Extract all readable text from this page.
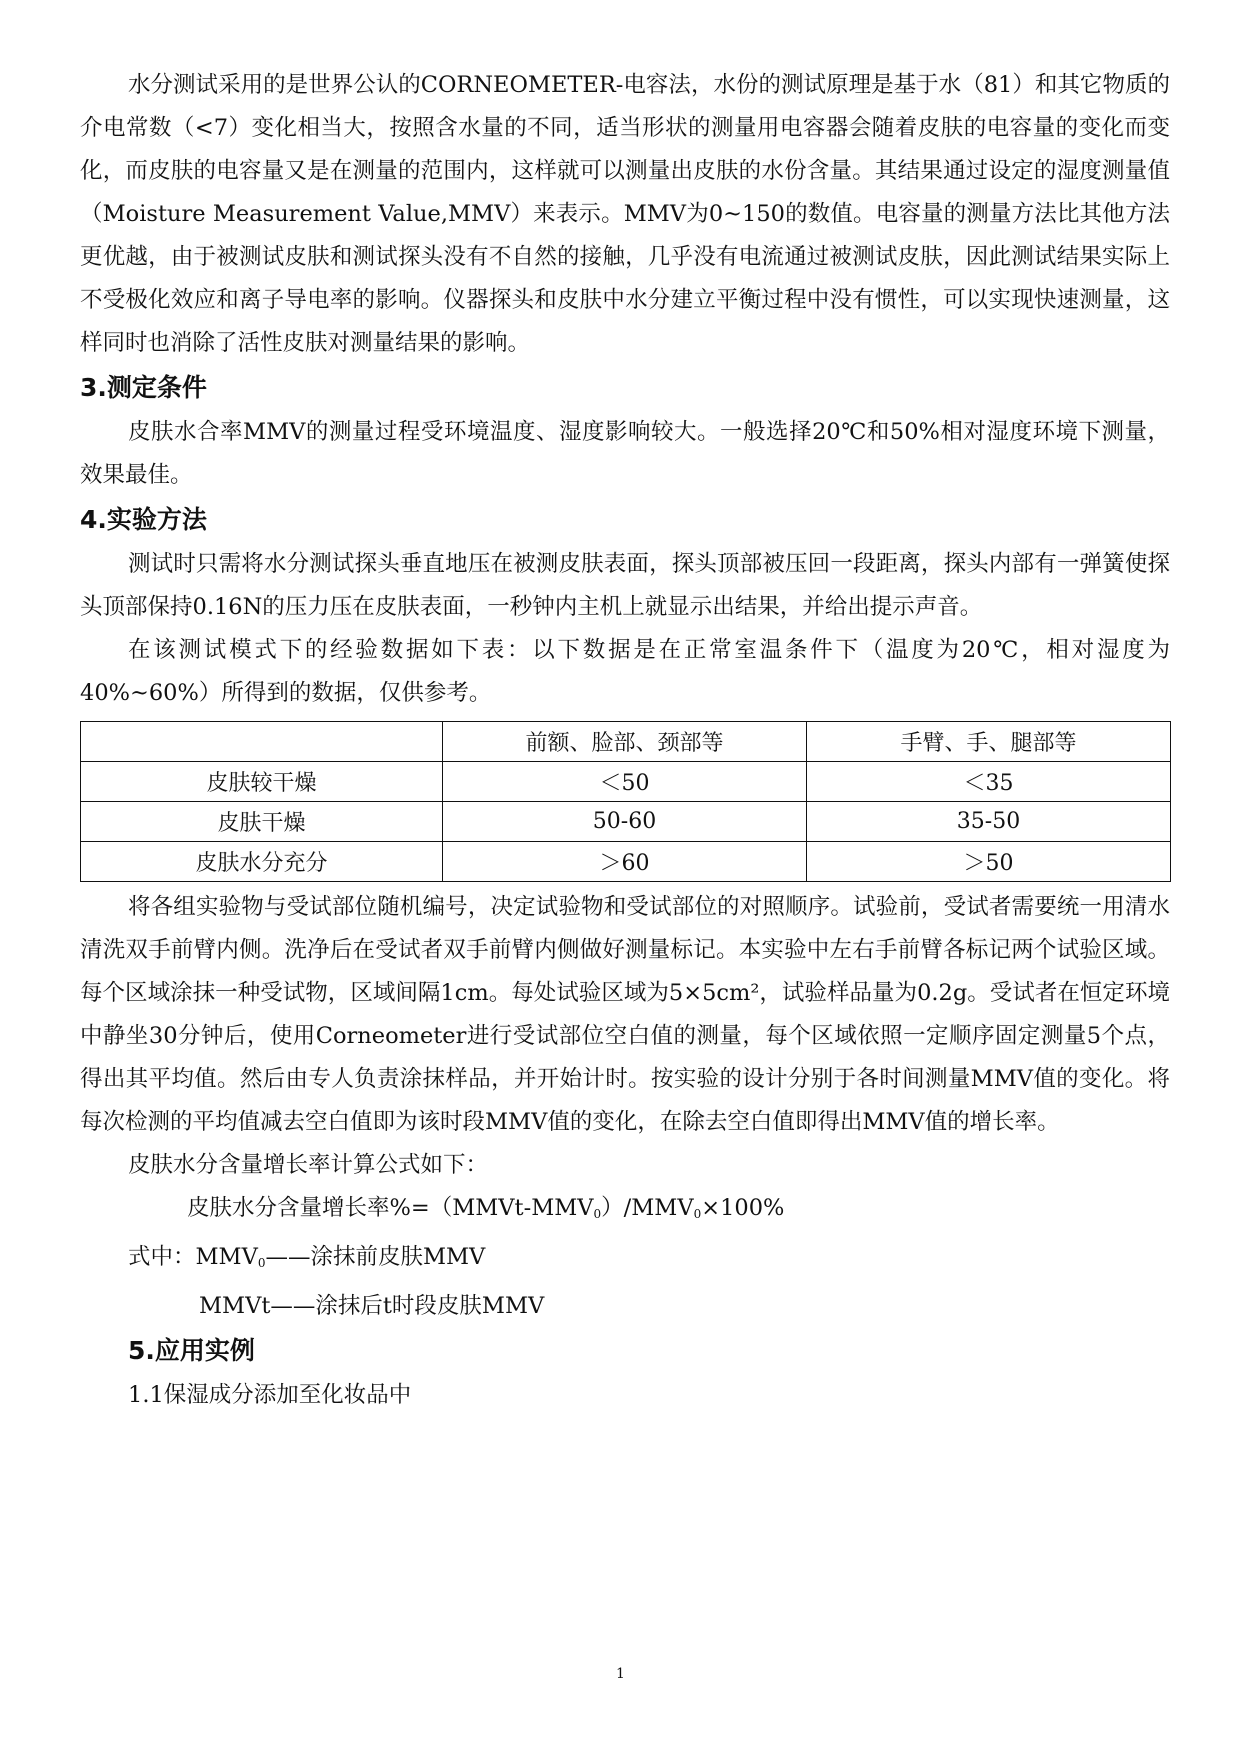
水分测试采用的是世界公认的CORNEOMETER-电容法，水份的测试原理是基于水（81）和其它物质的介电常数（<7）变化相当大，按照含水量的不同，适当形状的测量用电容器会随着皮肤的电容量的变化而变化，而皮肤的电容量又是在测量的范围内，这样就可以测量出皮肤的水份含量。其结果通过设定的湿度测量值（Moisture Measurement Value,MMV）来表示。MMV为0~150的数值。电容量的测量方法比其他方法更优越，由于被测试皮肤和测试探头没有不自然的接触，几乎没有电流通过被测试皮肤，因此测试结果实际上不受极化效应和离子导电率的影响。仪器探头和皮肤中水分建立平衡过程中没有惯性，可以实现快速测量，这样同时也消除了活性皮肤对测量结果的影响。

3.测定条件

皮肤水合率MMV的测量过程受环境温度、湿度影响较大。一般选择20℃和50%相对湿度环境下测量，效果最佳。

4.实验方法

测试时只需将水分测试探头垂直地压在被测皮肤表面，探头顶部被压回一段距离，探头内部有一弹簧使探头顶部保持0.16N的压力压在皮肤表面，一秒钟内主机上就显示出结果，并给出提示声音。

在该测试模式下的经验数据如下表：以下数据是在正常室温条件下（温度为20℃，相对湿度为40%~60%）所得到的数据，仅供参考。

	前额、脸部、颈部等	手臂、手、腿部等
皮肤较干燥	＜50	＜35
皮肤干燥	50-60	35-50
皮肤水分充分	＞60	＞50

将各组实验物与受试部位随机编号，决定试验物和受试部位的对照顺序。试验前，受试者需要统一用清水清洗双手前臂内侧。洗净后在受试者双手前臂内侧做好测量标记。本实验中左右手前臂各标记两个试验区域。每个区域涂抹一种受试物，区域间隔1cm。每处试验区域为5×5cm²，试验样品量为0.2g。受试者在恒定环境中静坐30分钟后，使用Corneometer进行受试部位空白值的测量，每个区域依照一定顺序固定测量5个点，得出其平均值。然后由专人负责涂抹样品，并开始计时。按实验的设计分别于各时间测量MMV值的变化。将每次检测的平均值减去空白值即为该时段MMV值的变化，在除去空白值即得出MMV值的增长率。

皮肤水分含量增长率计算公式如下：

皮肤水分含量增长率$\%=(MMVt-MMV_0)/MMV_0\times 100\%$

式中：$MMV_0——$涂抹前皮肤MMV

MMVt——涂抹后t时段皮肤MMV

5.应用实例

1.1保湿成分添加至化妆品中

1
